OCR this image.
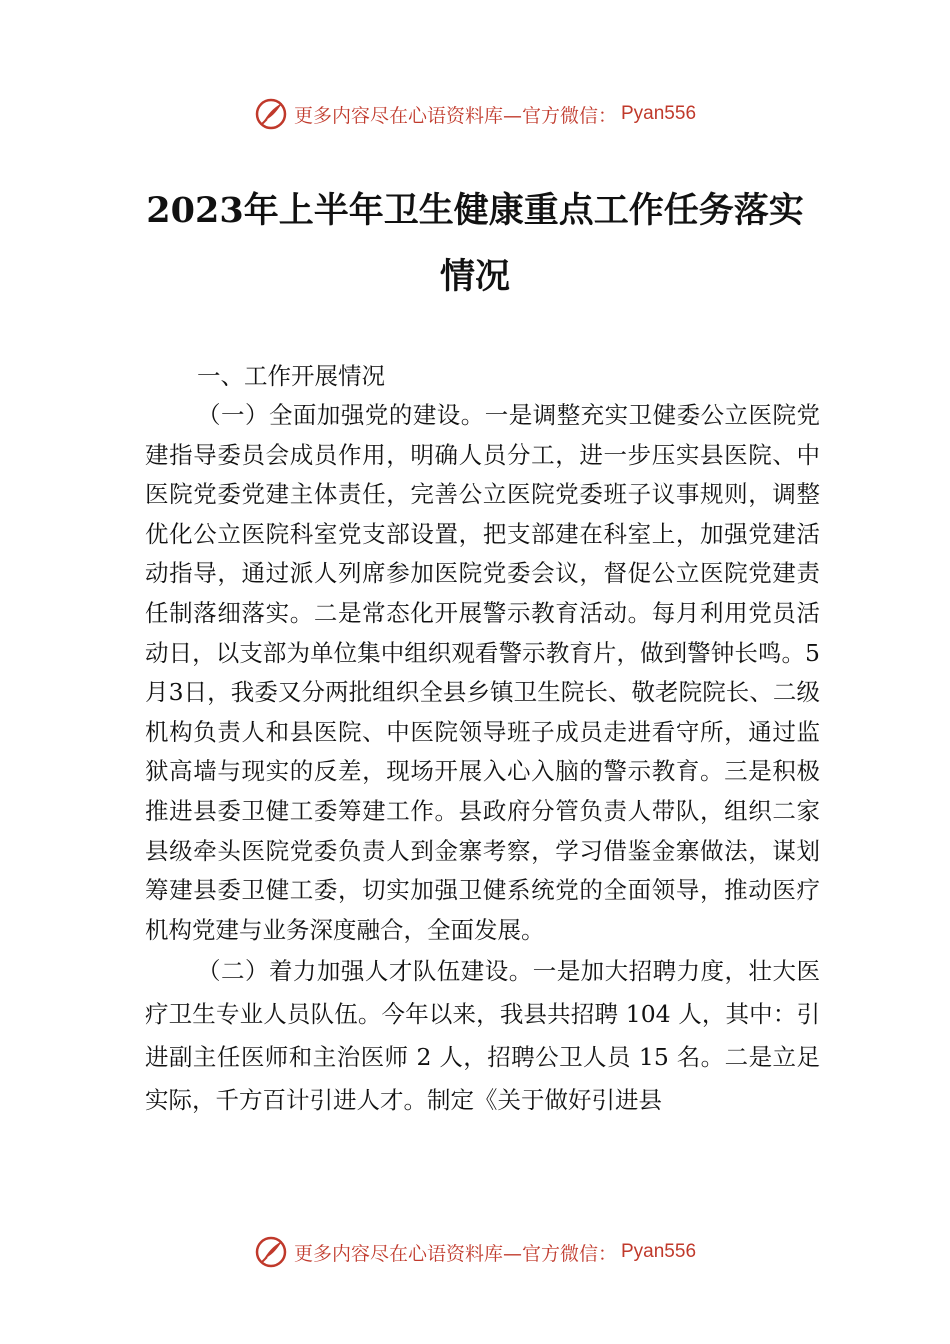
更多内容尽在心语资料库—官方微信： Pyan556
2023年上半年卫生健康重点工作任务落实
情况

一、工作开展情况

（一）全面加强党的建设。一是调整充实卫健委公立医院党建指导委员会成员作用，明确人员分工，进一步压实县医院、中医院党委党建主体责任，完善公立医院党委班子议事规则，调整优化公立医院科室党支部设置，把支部建在科室上，加强党建活动指导，通过派人列席参加医院党委会议，督促公立医院党建责任制落细落实。二是常态化开展警示教育活动。每月利用党员活动日，以支部为单位集中组织观看警示教育片，做到警钟长鸣。5月3日，我委又分两批组织全县乡镇卫生院长、敬老院院长、二级机构负责人和县医院、中医院领导班子成员走进看守所，通过监狱高墙与现实的反差，现场开展入心入脑的警示教育。三是积极推进县委卫健工委筹建工作。县政府分管负责人带队，组织二家县级牵头医院党委负责人到金寨考察，学习借鉴金寨做法，谋划筹建县委卫健工委，切实加强卫健系统党的全面领导，推动医疗机构党建与业务深度融合，全面发展。

（二）着力加强人才队伍建设。一是加大招聘力度，壮大医疗卫生专业人员队伍。今年以来，我县共招聘 104 人，其中：引进副主任医师和主治医师 2 人，招聘公卫人员 15 名。二是立足实际，千方百计引进人才。制定《关于做好引进县

更多内容尽在心语资料库—官方微信： Pyan556
